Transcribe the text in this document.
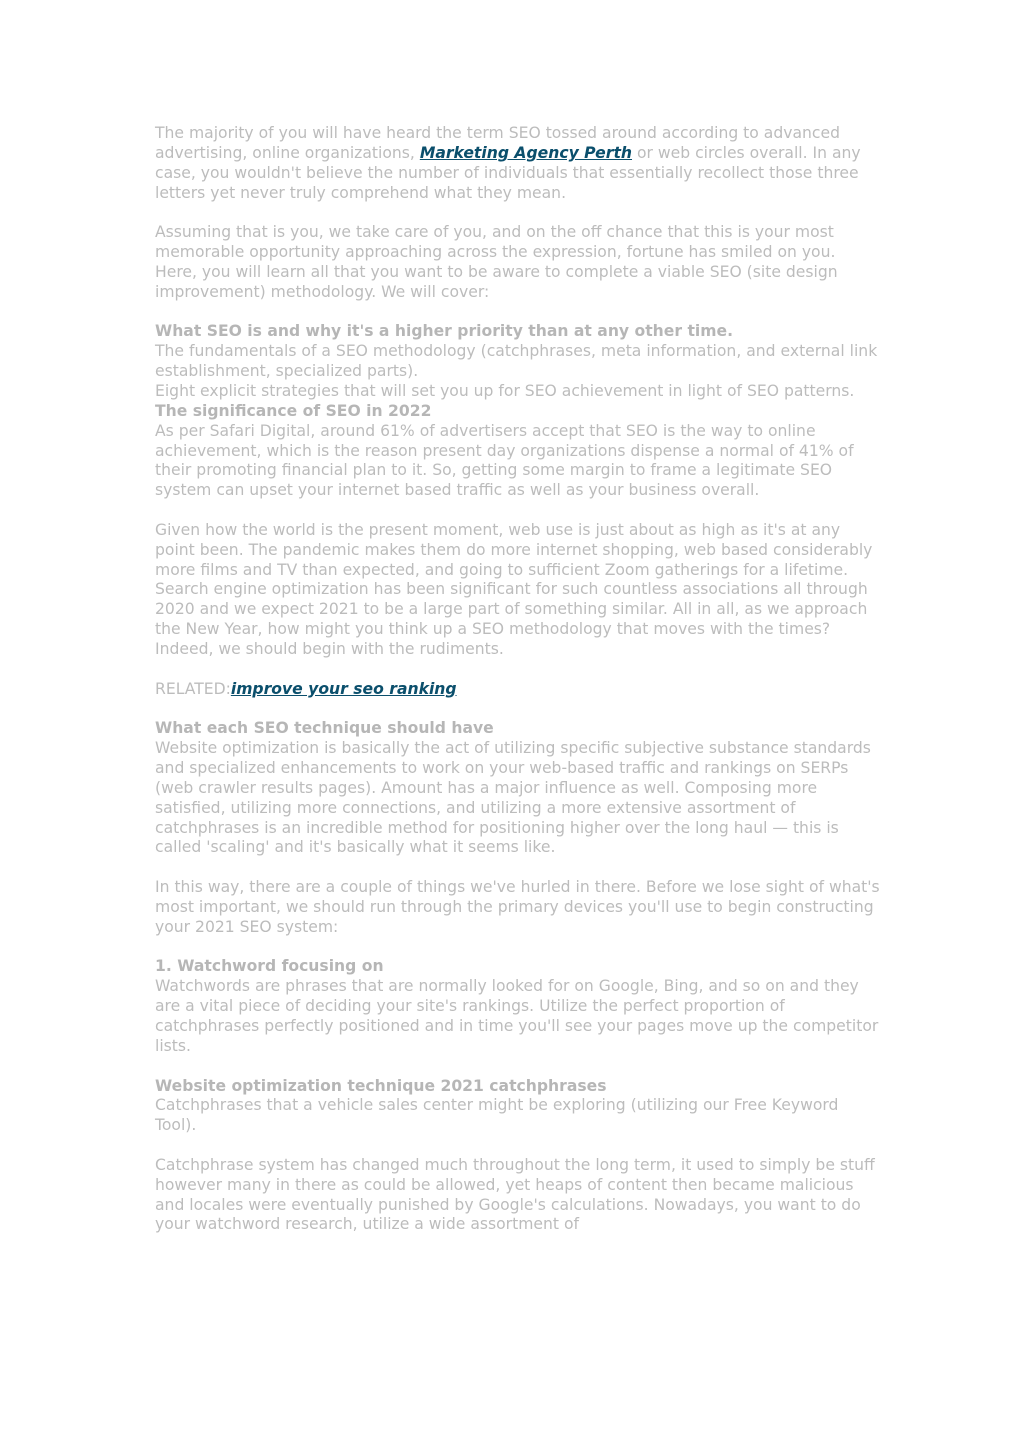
The majority of you will have heard the term SEO tossed around according to advanced advertising, online organizations, Marketing Agency Perth or web circles overall. In any case, you wouldn't believe the number of individuals that essentially recollect those three letters yet never truly comprehend what they mean.

Assuming that is you, we take care of you, and on the off chance that this is your most memorable opportunity approaching across the expression, fortune has smiled on you. Here, you will learn all that you want to be aware to complete a viable SEO (site design improvement) methodology. We will cover:

What SEO is and why it's a higher priority than at any other time.

The fundamentals of a SEO methodology (catchphrases, meta information, and external link establishment, specialized parts).

Eight explicit strategies that will set you up for SEO achievement in light of SEO patterns.

The significance of SEO in 2022

As per Safari Digital, around 61% of advertisers accept that SEO is the way to online achievement, which is the reason present day organizations dispense a normal of 41% of their promoting financial plan to it. So, getting some margin to frame a legitimate SEO system can upset your internet based traffic as well as your business overall.

Given how the world is the present moment, web use is just about as high as it's at any point been. The pandemic makes them do more internet shopping, web based considerably more films and TV than expected, and going to sufficient Zoom gatherings for a lifetime. Search engine optimization has been significant for such countless associations all through 2020 and we expect 2021 to be a large part of something similar. All in all, as we approach the New Year, how might you think up a SEO methodology that moves with the times? Indeed, we should begin with the rudiments.

RELATED:improve your seo ranking

What each SEO technique should have

Website optimization is basically the act of utilizing specific subjective substance standards and specialized enhancements to work on your web-based traffic and rankings on SERPs (web crawler results pages). Amount has a major influence as well. Composing more satisfied, utilizing more connections, and utilizing a more extensive assortment of catchphrases is an incredible method for positioning higher over the long haul — this is called 'scaling' and it's basically what it seems like.

In this way, there are a couple of things we've hurled in there. Before we lose sight of what's most important, we should run through the primary devices you'll use to begin constructing your 2021 SEO system:

1. Watchword focusing on

Watchwords are phrases that are normally looked for on Google, Bing, and so on and they are a vital piece of deciding your site's rankings. Utilize the perfect proportion of catchphrases perfectly positioned and in time you'll see your pages move up the competitor lists.

Website optimization technique 2021 catchphrases

Catchphrases that a vehicle sales center might be exploring (utilizing our Free Keyword Tool).

Catchphrase system has changed much throughout the long term, it used to simply be stuff however many in there as could be allowed, yet heaps of content then became malicious and locales were eventually punished by Google's calculations. Nowadays, you want to do your watchword research, utilize a wide assortment of
